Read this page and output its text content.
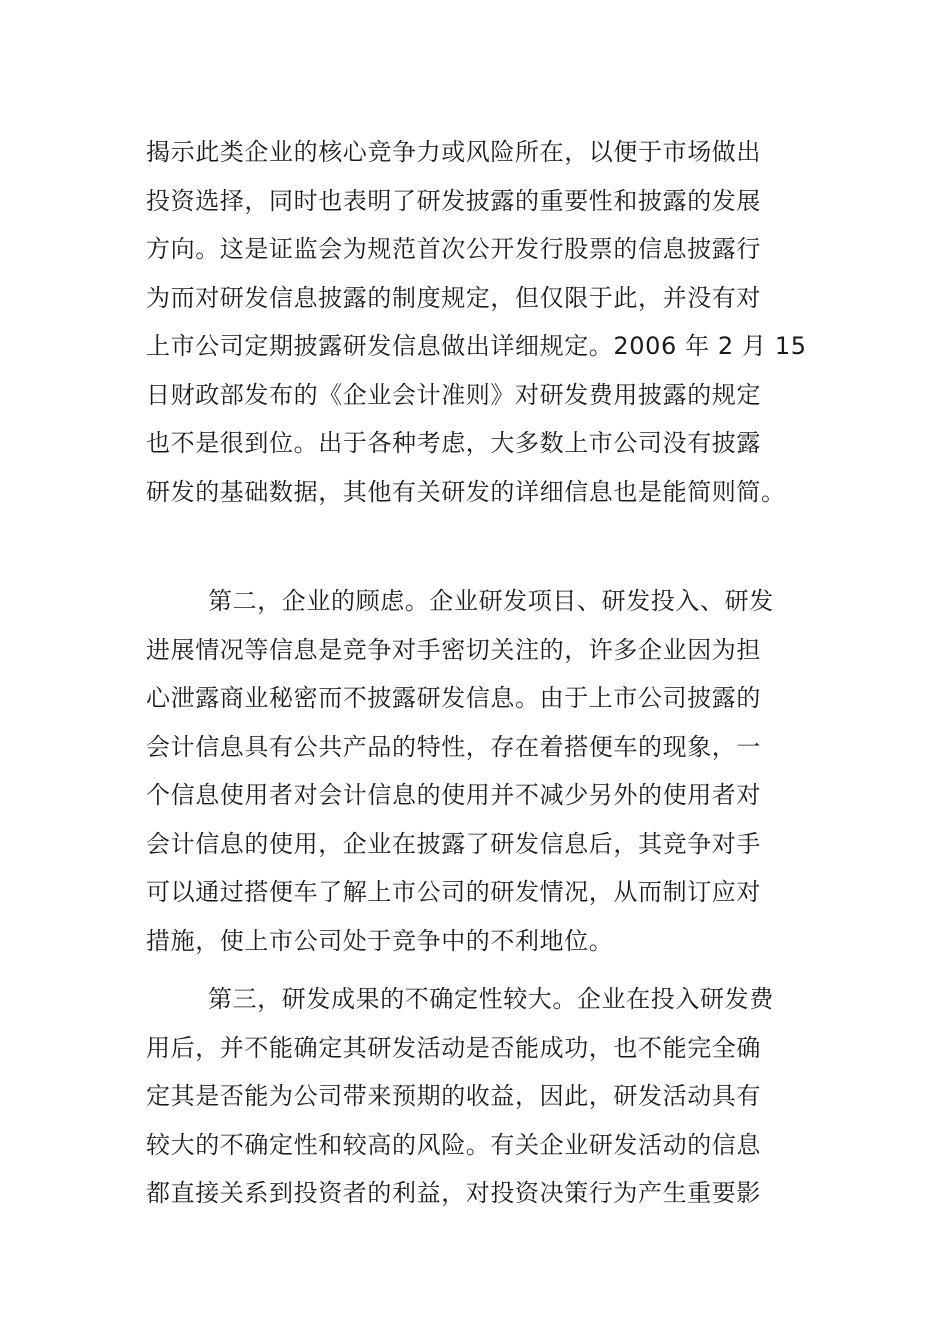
揭示此类企业的核心竞争力或风险所在，以便于市场做出
投资选择，同时也表明了研发披露的重要性和披露的发展
方向。这是证监会为规范首次公开发行股票的信息披露行
为而对研发信息披露的制度规定，但仅限于此，并没有对
上市公司定期披露研发信息做出详细规定。2006 年 2 月 15
日财政部发布的《企业会计准则》对研发费用披露的规定
也不是很到位。出于各种考虑，大多数上市公司没有披露
研发的基础数据，其他有关研发的详细信息也是能简则简。
第二，企业的顾虑。企业研发项目、研发投入、研发
进展情况等信息是竞争对手密切关注的，许多企业因为担
心泄露商业秘密而不披露研发信息。由于上市公司披露的
会计信息具有公共产品的特性，存在着搭便车的现象，一
个信息使用者对会计信息的使用并不减少另外的使用者对
会计信息的使用，企业在披露了研发信息后，其竞争对手
可以通过搭便车了解上市公司的研发情况，从而制订应对
措施，使上市公司处于竞争中的不利地位。
第三，研发成果的不确定性较大。企业在投入研发费
用后，并不能确定其研发活动是否能成功，也不能完全确
定其是否能为公司带来预期的收益，因此，研发活动具有
较大的不确定性和较高的风险。有关企业研发活动的信息
都直接关系到投资者的利益，对投资决策行为产生重要影
